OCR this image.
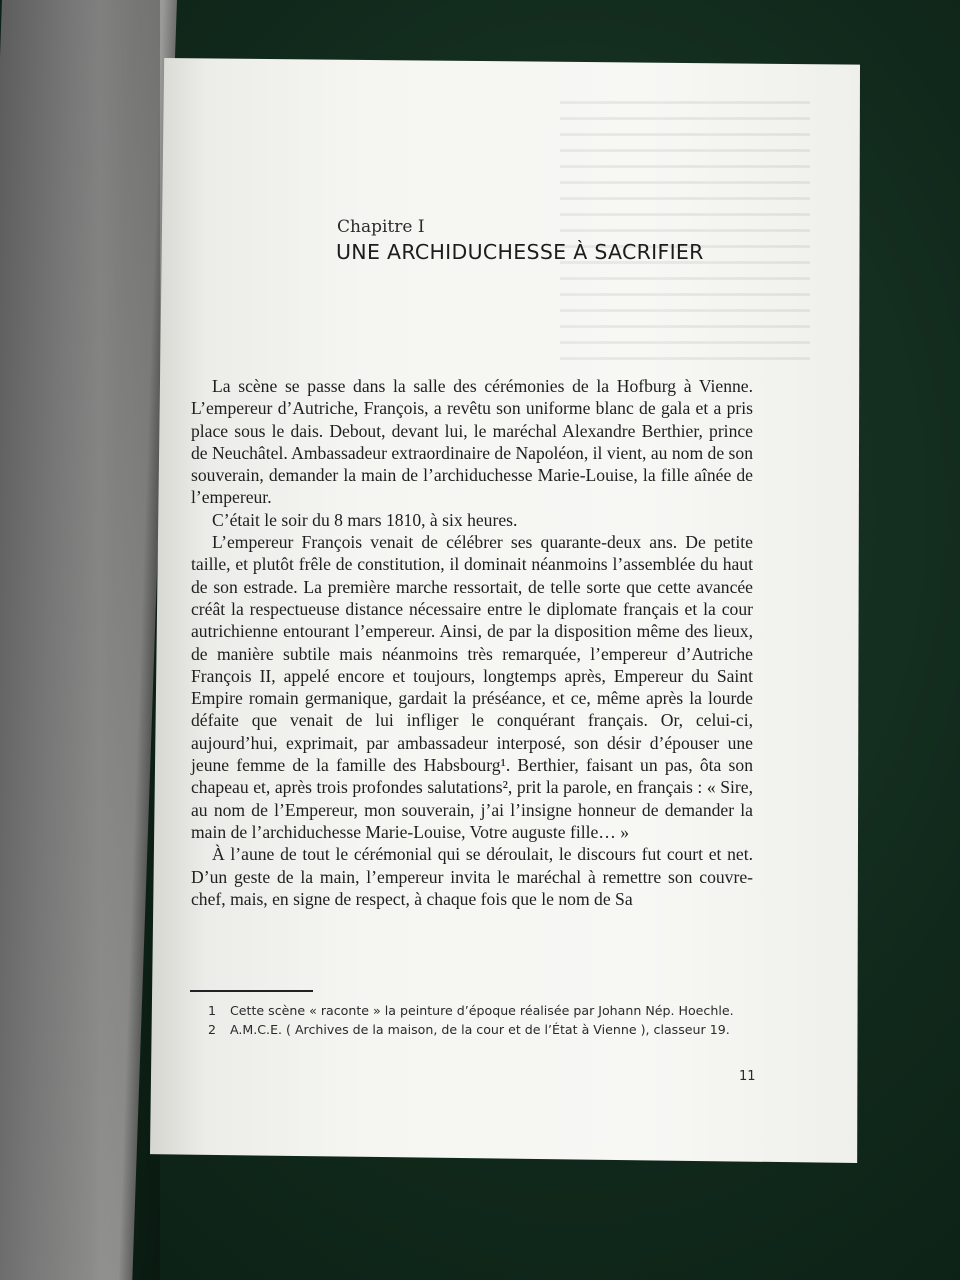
Chapitre I

UNE ARCHIDUCHESSE À SACRIFIER

La scène se passe dans la salle des cérémonies de la Hofburg à Vienne. L’empereur d’Autriche, François, a revêtu son uniforme blanc de gala et a pris place sous le dais. Debout, devant lui, le maréchal Alexandre Berthier, prince de Neuchâtel. Ambassadeur extraordinaire de Napoléon, il vient, au nom de son souverain, demander la main de l’archiduchesse Marie-Louise, la fille aînée de l’empereur.

C’était le soir du 8 mars 1810, à six heures.

L’empereur François venait de célébrer ses quarante-deux ans. De petite taille, et plutôt frêle de constitution, il dominait néanmoins l’assemblée du haut de son estrade. La première marche ressortait, de telle sorte que cette avancée créât la respectueuse distance nécessaire entre le diplomate français et la cour autrichienne entourant l’empereur. Ainsi, de par la disposition même des lieux, de manière subtile mais néanmoins très remarquée, l’empereur d’Autriche François II, appelé encore et toujours, longtemps après, Empereur du Saint Empire romain germanique, gardait la préséance, et ce, même après la lourde défaite que venait de lui infliger le conquérant français. Or, celui-ci, aujourd’hui, exprimait, par ambassadeur interposé, son désir d’épouser une jeune femme de la famille des Habsbourg¹. Berthier, faisant un pas, ôta son chapeau et, après trois profondes salutations², prit la parole, en français : « Sire, au nom de l’Empereur, mon souverain, j’ai l’insigne honneur de demander la main de l’archiduchesse Marie-Louise, Votre auguste fille… »

À l’aune de tout le cérémonial qui se déroulait, le discours fut court et net. D’un geste de la main, l’empereur invita le maréchal à remettre son couvre-chef, mais, en signe de respect, à chaque fois que le nom de Sa

1 Cette scène « raconte » la peinture d’époque réalisée par Johann Nép. Hoechle.
2 A.M.C.E. ( Archives de la maison, de la cour et de l’État à Vienne ), classeur 19.

11
